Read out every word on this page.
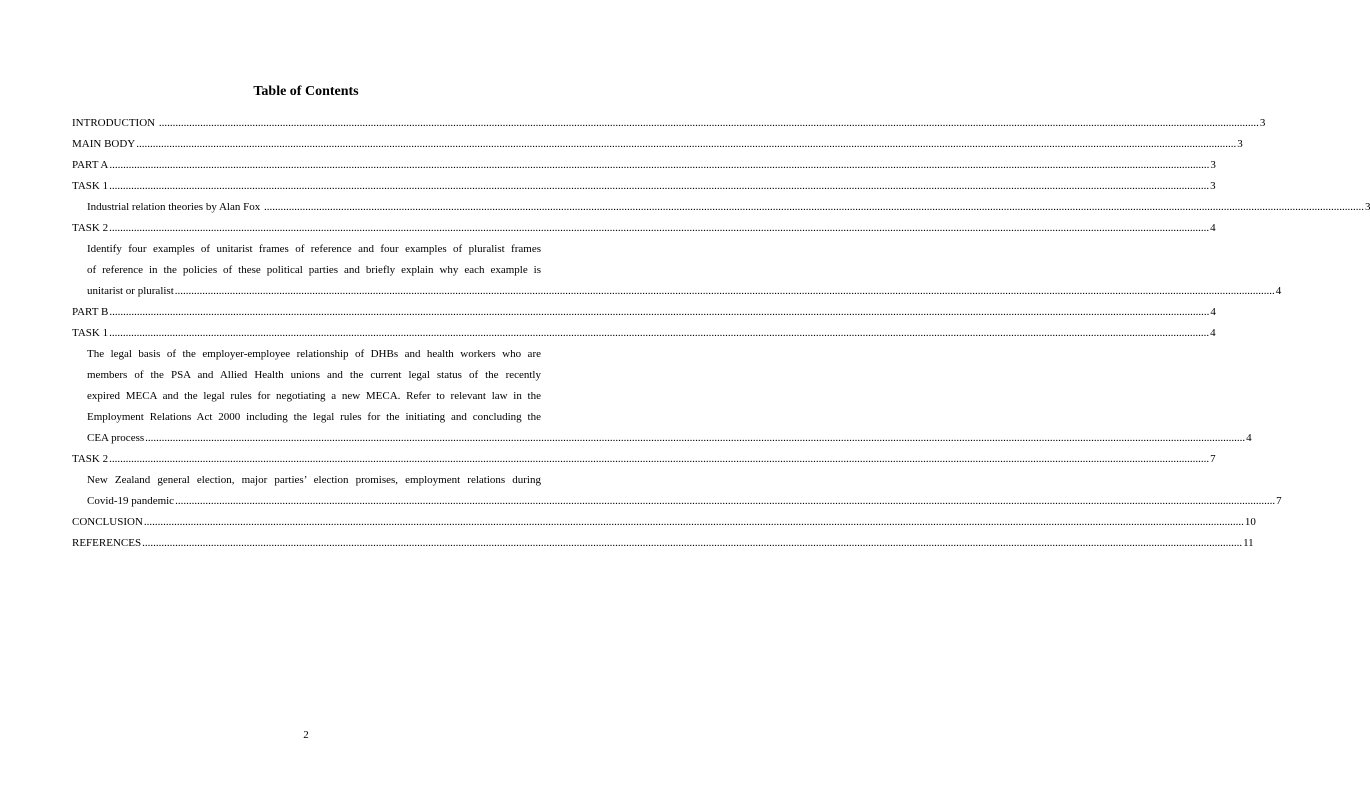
Table of Contents
INTRODUCTION ................................................................................................................................................................................................................................................................................................................................................................................................................ 3
MAIN BODY ................................................................................................................................................................................................................................................................................................................................................................................................................ 3
PART A ................................................................................................................................................................................................................................................................................................................................................................................................................ 3
TASK 1 ................................................................................................................................................................................................................................................................................................................................................................................................................ 3
Industrial relation theories by Alan Fox ................................................................................................................................................................................................................................................................................................................................................................................................................ 3
TASK 2 ................................................................................................................................................................................................................................................................................................................................................................................................................ 4
Identify four examples of unitarist frames of reference and four examples of pluralist frames
of reference in the policies of these political parties and briefly explain why each example is
unitarist or pluralist ................................................................................................................................................................................................................................................................................................................................................................................................................ 4
PART B ................................................................................................................................................................................................................................................................................................................................................................................................................ 4
TASK 1 ................................................................................................................................................................................................................................................................................................................................................................................................................ 4
The legal basis of the employer-employee relationship of DHBs and health workers who are
members of the PSA and Allied Health unions and the current legal status of the recently
expired MECA and the legal rules for negotiating a new MECA. Refer to relevant law in the
Employment Relations Act 2000 including the legal rules for the initiating and concluding the
CEA process ................................................................................................................................................................................................................................................................................................................................................................................................................ 4
TASK 2 ................................................................................................................................................................................................................................................................................................................................................................................................................ 7
New Zealand general election, major parties’ election promises, employment relations during
Covid-19 pandemic ................................................................................................................................................................................................................................................................................................................................................................................................................ 7
CONCLUSION ................................................................................................................................................................................................................................................................................................................................................................................................................ 10
REFERENCES ................................................................................................................................................................................................................................................................................................................................................................................................................ 11

2
